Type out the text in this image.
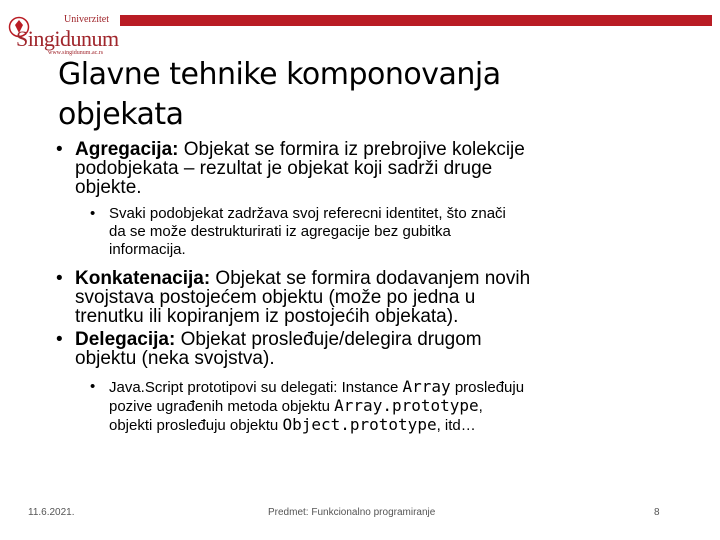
Univerzitet
Singidunum
www.singidunum.ac.rs
Glavne tehnike komponovanja
objekata
• Agregacija: Objekat se formira iz prebrojive kolekcije
podobjekata – rezultat je objekat koji sadrži druge
objekte.
• Svaki podobjekat zadržava svoj referecni identitet, što znači
da se može destrukturirati iz agregacije bez gubitka
informacija.
• Konkatenacija: Objekat se formira dodavanjem novih
svojstava postojećem objektu (može po jedna u
trenutku ili kopiranjem iz postojećih objekata).
• Delegacija: Objekat prosleđuje/delegira drugom
objektu (neka svojstva).
• Java.Script prototipovi su delegati: Instance Array prosleđuju
pozive ugrađenih metoda objektu Array.prototype,
objekti prosleđuju objektu Object.prototype, itd…
11.6.2021.	Predmet: Funkcionalno programiranje	8
